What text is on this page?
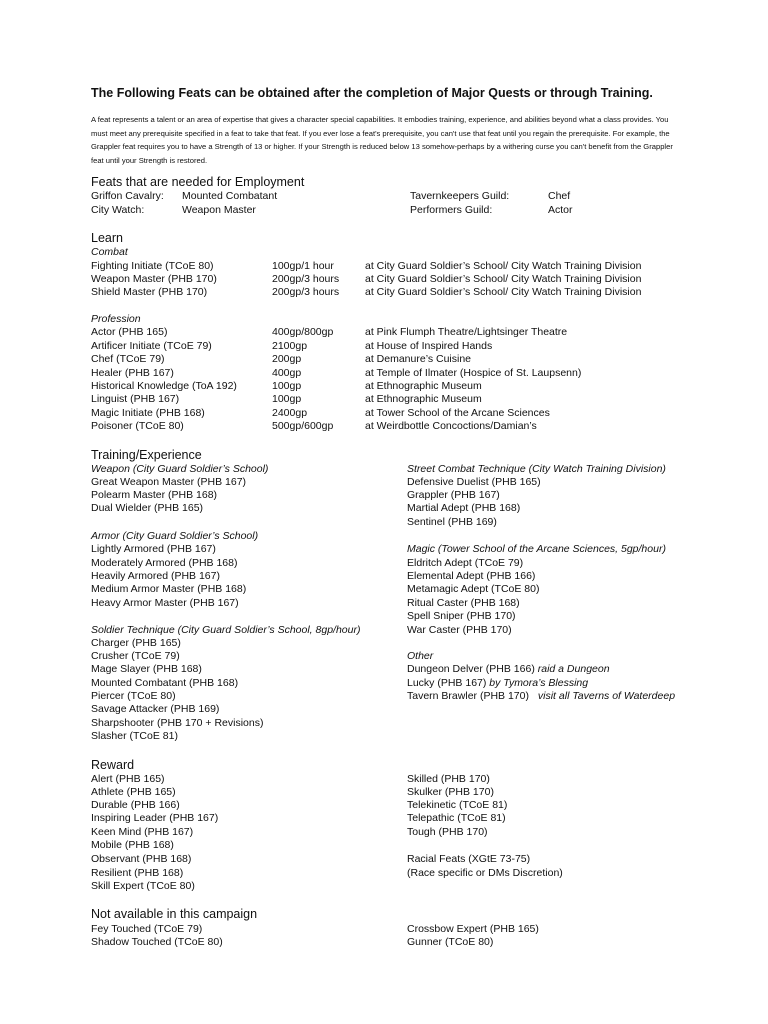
The Following Feats can be obtained after the completion of Major Quests or through Training.
A feat represents a talent or an area of expertise that gives a character special capabilities. It embodies training, experience, and abilities beyond what a class provides. You must meet any prerequisite specified in a feat to take that feat. If you ever lose a feat's prerequisite, you can't use that feat until you regain the prerequisite. For example, the Grappler feat requires you to have a Strength of 13 or higher. If your Strength is reduced below 13 somehow-perhaps by a withering curse you can't benefit from the Grappler feat until your Strength is restored.
Feats that are needed for Employment
Griffon Cavalry: Mounted Combatant
City Watch:	Weapon Master
Tavernkeepers Guild:	Chef
Performers Guild:	Actor
Learn
Combat
Fighting Initiate (TCoE 80)	100gp/1 hour	at City Guard Soldier’s School/ City Watch Training Division
Weapon Master (PHB 170)	200gp/3 hours at City Guard Soldier’s School/ City Watch Training Division
Shield Master (PHB 170)	200gp/3 hours at City Guard Soldier’s School/ City Watch Training Division
Profession
Actor (PHB 165)	400gp/800gp	at Pink Flumph Theatre/Lightsinger Theatre
Artificer Initiate (TCoE 79)	2100gp	at House of Inspired Hands
Chef (TCoE 79)	200gp	at Demanure’s Cuisine
Healer (PHB 167)	400gp	at Temple of Ilmater (Hospice of St. Laupsenn)
Historical Knowledge (ToA 192)	100gp	at Ethnographic Museum
Linguist (PHB 167)	100gp	at Ethnographic Museum
Magic Initiate (PHB 168)	2400gp	at Tower School of the Arcane Sciences
Poisoner (TCoE 80)	500gp/600gp	at Weirdbottle Concoctions/Damian’s
Training/Experience
Weapon (City Guard Soldier’s School)
Great Weapon Master (PHB 167)
Polearm Master (PHB 168)
Dual Wielder (PHB 165)
Armor (City Guard Soldier’s School)
Lightly Armored (PHB 167)
Moderately Armored (PHB 168)
Heavily Armored (PHB 167)
Medium Armor Master (PHB 168)
Heavy Armor Master (PHB 167)
Soldier Technique (City Guard Soldier’s School, 8gp/hour)
Charger (PHB 165)
Crusher (TCoE 79)
Mage Slayer (PHB 168)
Mounted Combatant (PHB 168)
Piercer (TCoE 80)
Savage Attacker (PHB 169)
Sharpshooter (PHB 170 + Revisions)
Slasher (TCoE 81)
Street Combat Technique (City Watch Training Division)
Defensive Duelist (PHB 165)
Grappler (PHB 167)
Martial Adept (PHB 168)
Sentinel (PHB 169)
Magic (Tower School of the Arcane Sciences, 5gp/hour)
Eldritch Adept (TCoE 79)
Elemental Adept (PHB 166)
Metamagic Adept (TCoE 80)
Ritual Caster (PHB 168)
Spell Sniper (PHB 170)
War Caster (PHB 170)
Other
Dungeon Delver (PHB 166) raid a Dungeon
Lucky (PHB 167) by Tymora’s Blessing
Tavern Brawler (PHB 170) visit all Taverns of Waterdeep
Reward
Alert (PHB 165)
Athlete (PHB 165)
Durable (PHB 166)
Inspiring Leader (PHB 167)
Keen Mind (PHB 167)
Mobile (PHB 168)
Observant (PHB 168)
Resilient (PHB 168)
Skill Expert (TCoE 80)
Skilled (PHB 170)
Skulker (PHB 170)
Telekinetic (TCoE 81)
Telepathic (TCoE 81)
Tough (PHB 170)
Racial Feats (XGtE 73-75)
(Race specific or DMs Discretion)
Not available in this campaign
Fey Touched (TCoE 79)
Shadow Touched (TCoE 80)
Crossbow Expert (PHB 165)
Gunner (TCoE 80)
